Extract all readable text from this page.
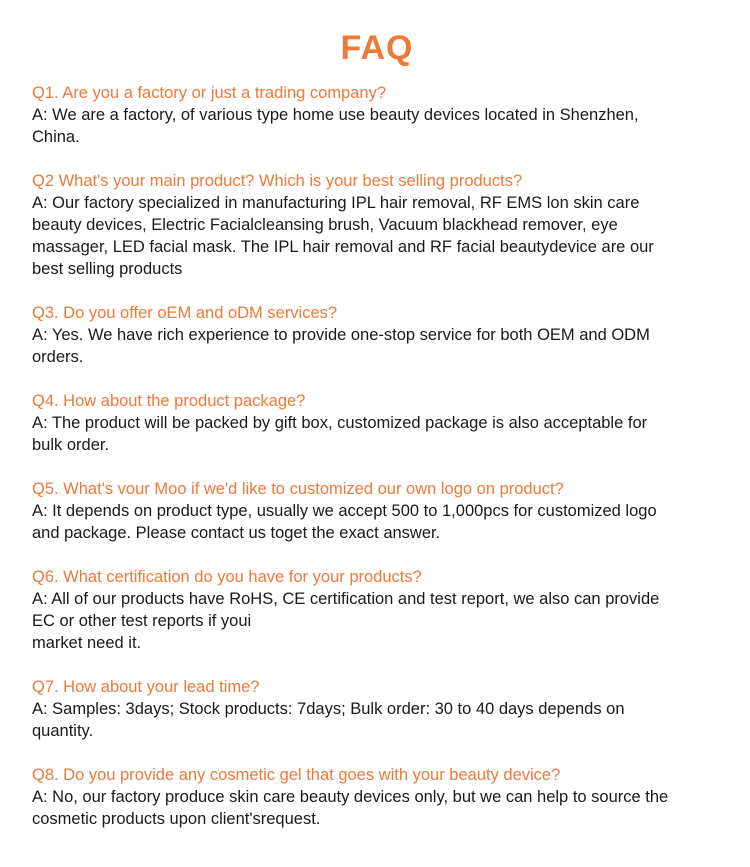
FAQ

Q1. Are you a factory or just a trading company?

A: We are a factory, of various type home use beauty devices located in Shenzhen,
China.

Q2 What's your main product? Which is your best selling products?

A: Our factory specialized in manufacturing IPL hair removal, RF EMS lon skin care
beauty devices, Electric Facialcleansing brush, Vacuum blackhead remover, eye
massager, LED facial mask. The IPL hair removal and RF facial beautydevice are our
best selling products

Q3. Do you offer oEM and oDM services?

A: Yes. We have rich experience to provide one-stop service for both OEM and ODM
orders.

Q4. How about the product package?

A: The product will be packed by gift box, customized package is also acceptable for
bulk order.

Q5. What's vour Moo if we'd like to customized our own logo on product?

A: It depends on product type, usually we accept 500 to 1,000pcs for customized logo
and package. Please contact us toget the exact answer.

Q6. What certification do you have for your products?

A: All of our products have RoHS, CE certification and test report, we also can provide
EC or other test reports if youi
market need it.

Q7. How about your lead time?

A: Samples: 3days; Stock products: 7days; Bulk order: 30 to 40 days depends on
quantity.

Q8. Do you provide any cosmetic gel that goes with your beauty device?

A: No, our factory produce skin care beauty devices only, but we can help to source the
cosmetic products upon client'srequest.
